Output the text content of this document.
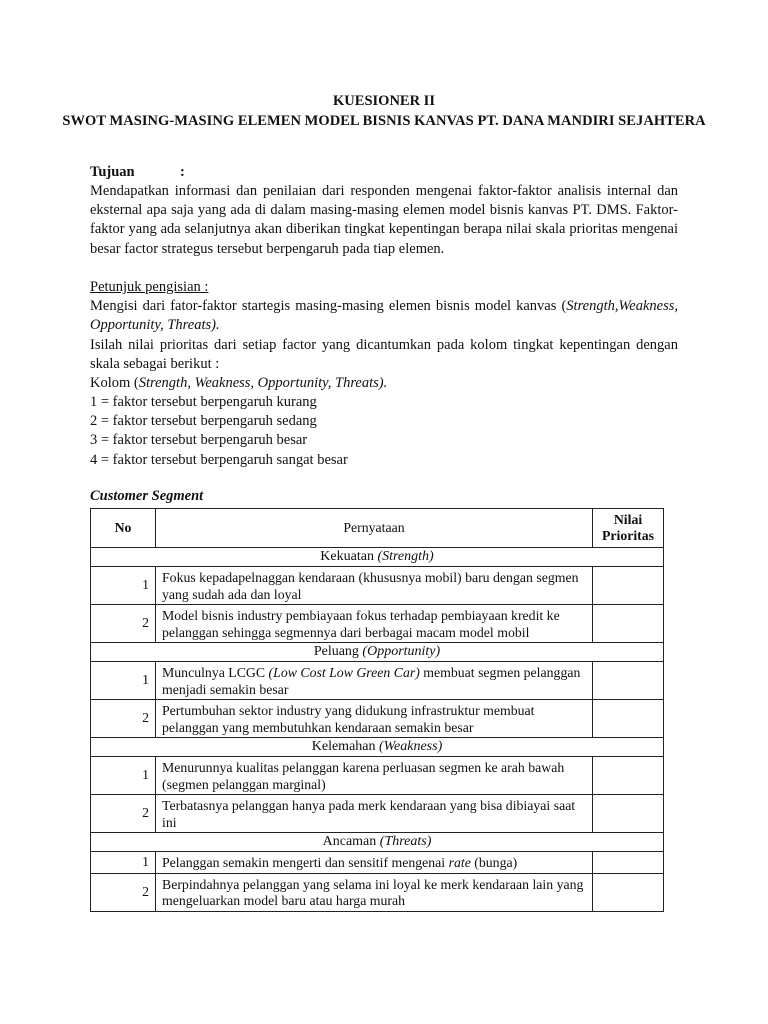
KUESIONER II
SWOT MASING-MASING ELEMEN MODEL BISNIS KANVAS PT. DANA MANDIRI SEJAHTERA
Tujuan	:
Mendapatkan informasi dan penilaian dari responden mengenai faktor-faktor analisis internal dan eksternal apa saja yang ada di dalam masing-masing elemen model bisnis kanvas PT. DMS. Faktor-faktor yang ada selanjutnya akan diberikan tingkat kepentingan berapa nilai skala prioritas mengenai besar factor strategus tersebut berpengaruh pada tiap elemen.
Petunjuk pengisian :
Mengisi dari fator-faktor startegis masing-masing elemen bisnis model kanvas (Strength,Weakness, Opportunity, Threats).
Isilah nilai prioritas dari setiap factor yang dicantumkan pada kolom tingkat kepentingan dengan skala sebagai berikut :
Kolom (Strength, Weakness, Opportunity, Threats).
1 = faktor tersebut berpengaruh kurang
2 = faktor tersebut berpengaruh sedang
3 = faktor tersebut berpengaruh besar
4 = faktor tersebut berpengaruh sangat besar
Customer Segment
No	Pernyataan	Nilai
Prioritas
Kekuatan (Strength)		
1	Fokus kepadapelnaggan kendaraan (khususnya mobil) baru dengan segmen yang sudah ada dan loyal	
2	Model bisnis industry pembiayaan fokus terhadap pembiayaan kredit ke pelanggan sehingga segmennya dari berbagai macam model mobil	
Peluang (Opportunity)		
1	Munculnya LCGC (Low Cost Low Green Car) membuat segmen pelanggan menjadi semakin besar	
2	Pertumbuhan sektor industry yang didukung infrastruktur membuat pelanggan yang membutuhkan kendaraan semakin besar	
Kelemahan (Weakness)		
1	Menurunnya kualitas pelanggan karena perluasan segmen ke arah bawah (segmen pelanggan marginal)	
2	Terbatasnya pelanggan hanya pada merk kendaraan yang bisa dibiayai saat ini	
Ancaman (Threats)		
1	Pelanggan semakin mengerti dan sensitif mengenai rate (bunga)	
2	Berpindahnya pelanggan yang selama ini loyal ke merk kendaraan lain yang mengeluarkan model baru atau harga murah	
